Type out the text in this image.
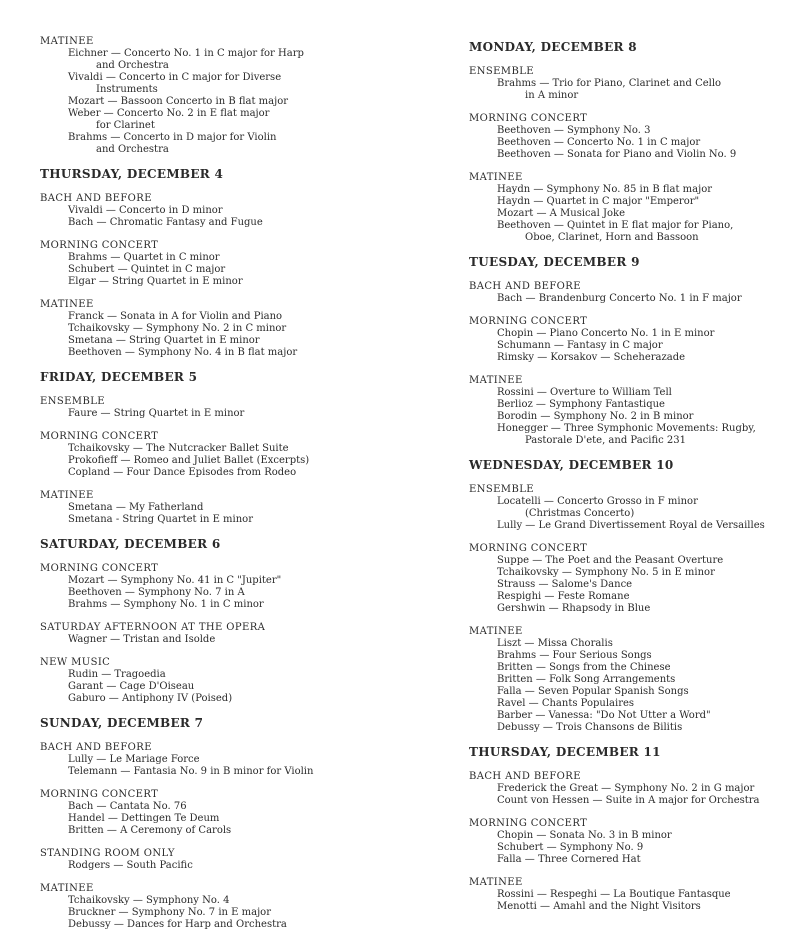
MATINEE
Eichner — Concerto No. 1 in C major for Harp
and Orchestra
Vivaldi — Concerto in C major for Diverse
Instruments
Mozart — Bassoon Concerto in B flat major
Weber — Concerto No. 2 in E flat major
for Clarinet
Brahms — Concerto in D major for Violin
and Orchestra
THURSDAY, DECEMBER 4
BACH AND BEFORE
Vivaldi — Concerto in D minor
Bach — Chromatic Fantasy and Fugue
MORNING CONCERT
Brahms — Quartet in C minor
Schubert — Quintet in C major
Elgar — String Quartet in E minor
MATINEE
Franck — Sonata in A for Violin and Piano
Tchaikovsky — Symphony No. 2 in C minor
Smetana — String Quartet in E minor
Beethoven — Symphony No. 4 in B flat major
FRIDAY, DECEMBER 5
ENSEMBLE
Faure — String Quartet in E minor
MORNING CONCERT
Tchaikovsky — The Nutcracker Ballet Suite
Prokofieff — Romeo and Juliet Ballet (Excerpts)
Copland — Four Dance Episodes from Rodeo
MATINEE
Smetana — My Fatherland
Smetana - String Quartet in E minor
SATURDAY, DECEMBER 6
MORNING CONCERT
Mozart — Symphony No. 41 in C "Jupiter"
Beethoven — Symphony No. 7 in A
Brahms — Symphony No. 1 in C minor
SATURDAY AFTERNOON AT THE OPERA
Wagner — Tristan and Isolde
NEW MUSIC
Rudin — Tragoedia
Garant — Cage D'Oiseau
Gaburo — Antiphony IV (Poised)
SUNDAY, DECEMBER 7
BACH AND BEFORE
Lully — Le Mariage Force
Telemann — Fantasia No. 9 in B minor for Violin
MORNING CONCERT
Bach — Cantata No. 76
Handel — Dettingen Te Deum
Britten — A Ceremony of Carols
STANDING ROOM ONLY
Rodgers — South Pacific
MATINEE
Tchaikovsky — Symphony No. 4
Bruckner — Symphony No. 7 in E major
Debussy — Dances for Harp and Orchestra
MONDAY, DECEMBER 8
ENSEMBLE
Brahms — Trio for Piano, Clarinet and Cello
in A minor
MORNING CONCERT
Beethoven — Symphony No. 3
Beethoven — Concerto No. 1 in C major
Beethoven — Sonata for Piano and Violin No. 9
MATINEE
Haydn — Symphony No. 85 in B flat major
Haydn — Quartet in C major "Emperor"
Mozart — A Musical Joke
Beethoven — Quintet in E flat major for Piano,
Oboe, Clarinet, Horn and Bassoon
TUESDAY, DECEMBER 9
BACH AND BEFORE
Bach — Brandenburg Concerto No. 1 in F major
MORNING CONCERT
Chopin — Piano Concerto No. 1 in E minor
Schumann — Fantasy in C major
Rimsky — Korsakov — Scheherazade
MATINEE
Rossini — Overture to William Tell
Berlioz — Symphony Fantastique
Borodin — Symphony No. 2 in B minor
Honegger — Three Symphonic Movements: Rugby,
Pastorale D'ete, and Pacific 231
WEDNESDAY, DECEMBER 10
ENSEMBLE
Locatelli — Concerto Grosso in F minor
(Christmas Concerto)
Lully — Le Grand Divertissement Royal de Versailles
MORNING CONCERT
Suppe — The Poet and the Peasant Overture
Tchaikovsky — Symphony No. 5 in E minor
Strauss — Salome's Dance
Respighi — Feste Romane
Gershwin — Rhapsody in Blue
MATINEE
Liszt — Missa Choralis
Brahms — Four Serious Songs
Britten — Songs from the Chinese
Britten — Folk Song Arrangements
Falla — Seven Popular Spanish Songs
Ravel — Chants Populaires
Barber — Vanessa: "Do Not Utter a Word"
Debussy — Trois Chansons de Bilitis
THURSDAY, DECEMBER 11
BACH AND BEFORE
Frederick the Great — Symphony No. 2 in G major
Count von Hessen — Suite in A major for Orchestra
MORNING CONCERT
Chopin — Sonata No. 3 in B minor
Schubert — Symphony No. 9
Falla — Three Cornered Hat
MATINEE
Rossini — Respeghi — La Boutique Fantasque
Menotti — Amahl and the Night Visitors
